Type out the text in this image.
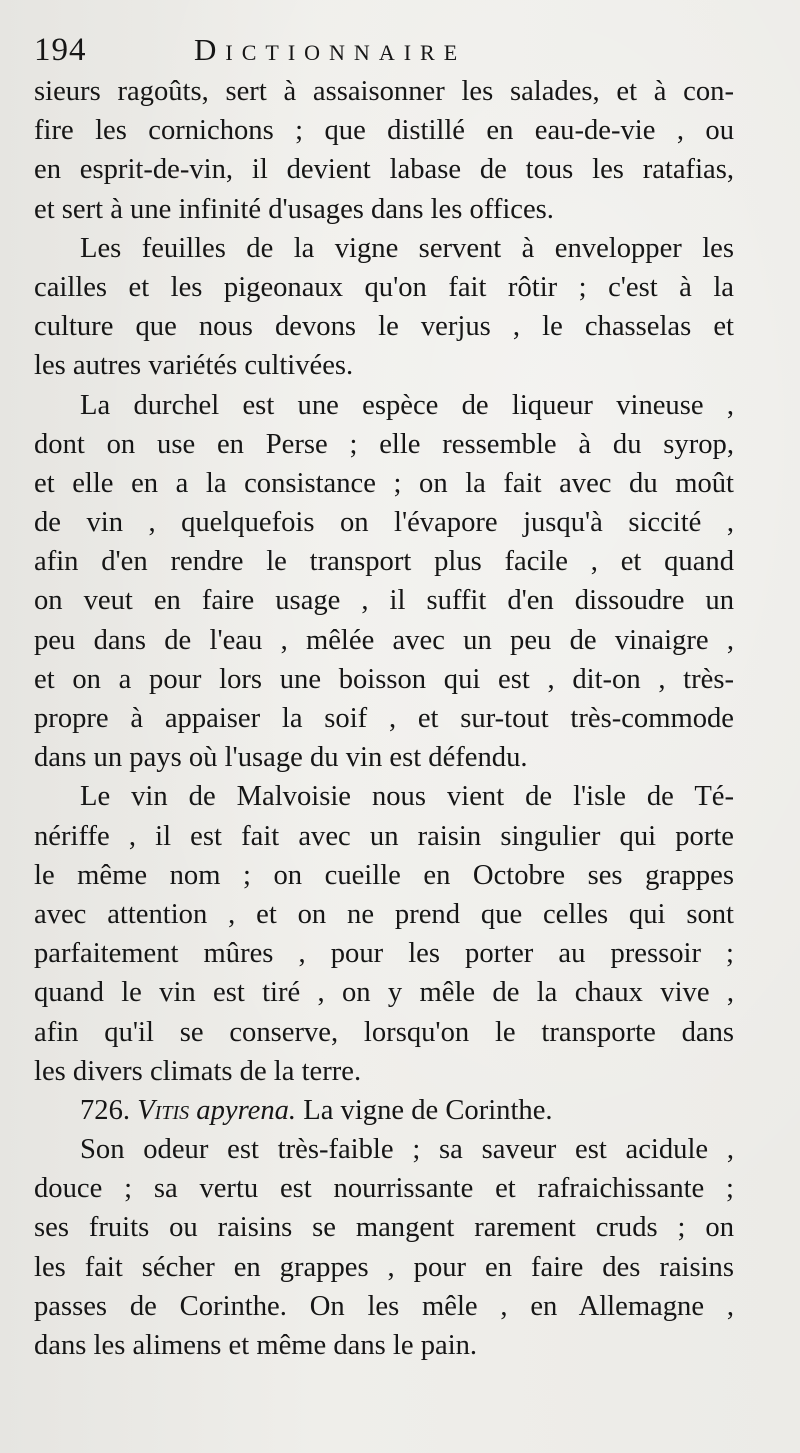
194	Dictionnaire
sieurs ragoûts, sert à assaisonner les salades, et à con-
fire les cornichons ; que distillé en eau-de-vie , ou
en esprit-de-vin, il devient labase de tous les ratafias,
et sert à une infinité d'usages dans les offices.
Les feuilles de la vigne servent à envelopper les
cailles et les pigeonaux qu'on fait rôtir ; c'est à la
culture que nous devons le verjus , le chasselas et
les autres variétés cultivées.
La durchel est une espèce de liqueur vineuse ,
dont on use en Perse ; elle ressemble à du syrop,
et elle en a la consistance ; on la fait avec du moût
de vin , quelquefois on l'évapore jusqu'à siccité ,
afin d'en rendre le transport plus facile , et quand
on veut en faire usage , il suffit d'en dissoudre un
peu dans de l'eau , mêlée avec un peu de vinaigre ,
et on a pour lors une boisson qui est , dit-on , très-
propre à appaiser la soif , et sur-tout très-commode
dans un pays où l'usage du vin est défendu.
Le vin de Malvoisie nous vient de l'isle de Té-
nériffe , il est fait avec un raisin singulier qui porte
le même nom ; on cueille en Octobre ses grappes
avec attention , et on ne prend que celles qui sont
parfaitement mûres , pour les porter au pressoir ;
quand le vin est tiré , on y mêle de la chaux vive ,
afin qu'il se conserve, lorsqu'on le transporte dans
les divers climats de la terre.
726. Vitis apyrena. La vigne de Corinthe.
Son odeur est très-faible ; sa saveur est acidule ,
douce ; sa vertu est nourrissante et rafraichissante ;
ses fruits ou raisins se mangent rarement cruds ; on
les fait sécher en grappes , pour en faire des raisins
passes de Corinthe. On les mêle , en Allemagne ,
dans les alimens et même dans le pain.
